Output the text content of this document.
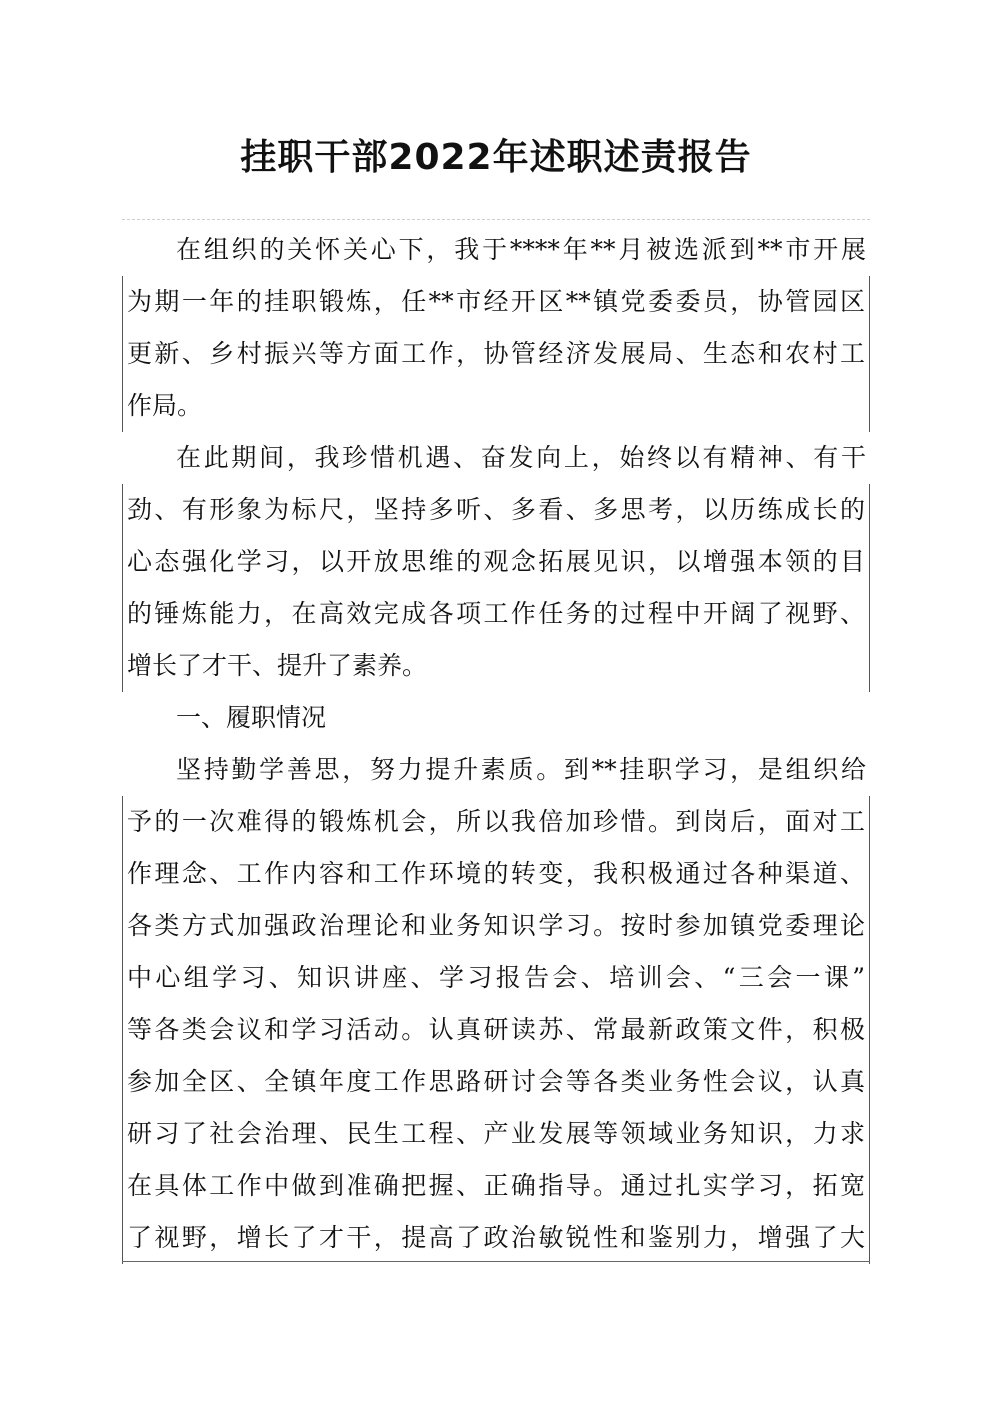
挂职干部2022年述职述责报告
在组织的关怀关心下，我于****年**月被选派到**市开展
为期一年的挂职锻炼，任**市经开区**镇党委委员，协管园区
更新、乡村振兴等方面工作，协管经济发展局、生态和农村工
作局。
在此期间，我珍惜机遇、奋发向上，始终以有精神、有干
劲、有形象为标尺，坚持多听、多看、多思考，以历练成长的
心态强化学习，以开放思维的观念拓展见识，以增强本领的目
的锤炼能力，在高效完成各项工作任务的过程中开阔了视野、
增长了才干、提升了素养。
一、履职情况
坚持勤学善思，努力提升素质。到**挂职学习，是组织给
予的一次难得的锻炼机会，所以我倍加珍惜。到岗后，面对工
作理念、工作内容和工作环境的转变，我积极通过各种渠道、
各类方式加强政治理论和业务知识学习。按时参加镇党委理论
中心组学习、知识讲座、学习报告会、培训会、“三会一课”
等各类会议和学习活动。认真研读苏、常最新政策文件，积极
参加全区、全镇年度工作思路研讨会等各类业务性会议，认真
研习了社会治理、民生工程、产业发展等领域业务知识，力求
在具体工作中做到准确把握、正确指导。通过扎实学习，拓宽
了视野，增长了才干，提高了政治敏锐性和鉴别力，增强了大
